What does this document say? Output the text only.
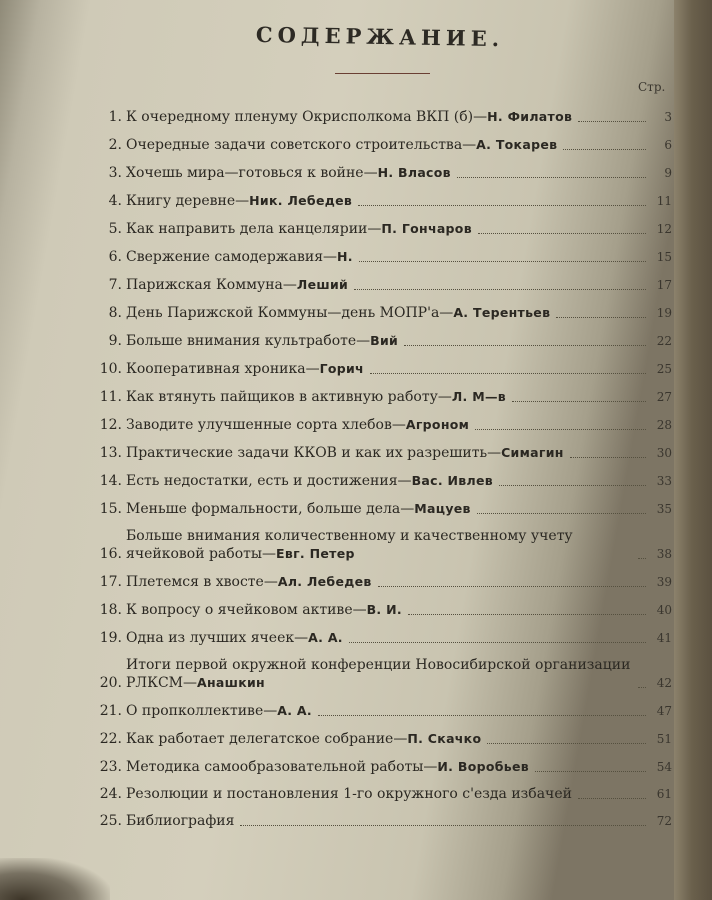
СОДЕРЖАНИЕ.
Стр.
1. К очередному пленуму Окрисполкома ВКП (б)—Н. Филатов	3
2. Очередные задачи советского строительства—А. Токарев	6
3. Хочешь мира—готовься к войне—Н. Власов	9
4. Книгу деревне—Ник. Лебедев	11
5. Как направить дела канцелярии—П. Гончаров	12
6. Свержение самодержавия—Н.	15
7. Парижская Коммуна—Леший	17
8. День Парижской Коммуны—день МОПР'а—А. Терентьев	19
9. Больше внимания культработе—Вий	22
10. Кооперативная хроника—Горич	25
11. Как втянуть пайщиков в активную работу—Л. М—в	27
12. Заводите улучшенные сорта хлебов—Агроном	28
13. Практические задачи ККОВ и как их разрешить—Симагин	30
14. Есть недостатки, есть и достижения—Вас. Ивлев	33
15. Меньше формальности, больше дела—Мацуев	35
16.
Больше внимания количественному и качественному учету ячейковой работы—Евг. Петер	38
17. Плетемся в хвосте—Ал. Лебедев	39
18. К вопросу о ячейковом активе—В. И.	40
19. Одна из лучших ячеек—А. А.	41
20.
Итоги первой окружной конференции Новосибирской организации РЛКСМ—Анашкин	42
21. О пропколлективе—А. А.	47
22. Как работает делегатское собрание—П. Скачко	51
23. Методика самообразовательной работы—И. Воробьев	54
24. Резолюции и постановления 1-го окружного с'езда избачей	61
25. Библиография	72
